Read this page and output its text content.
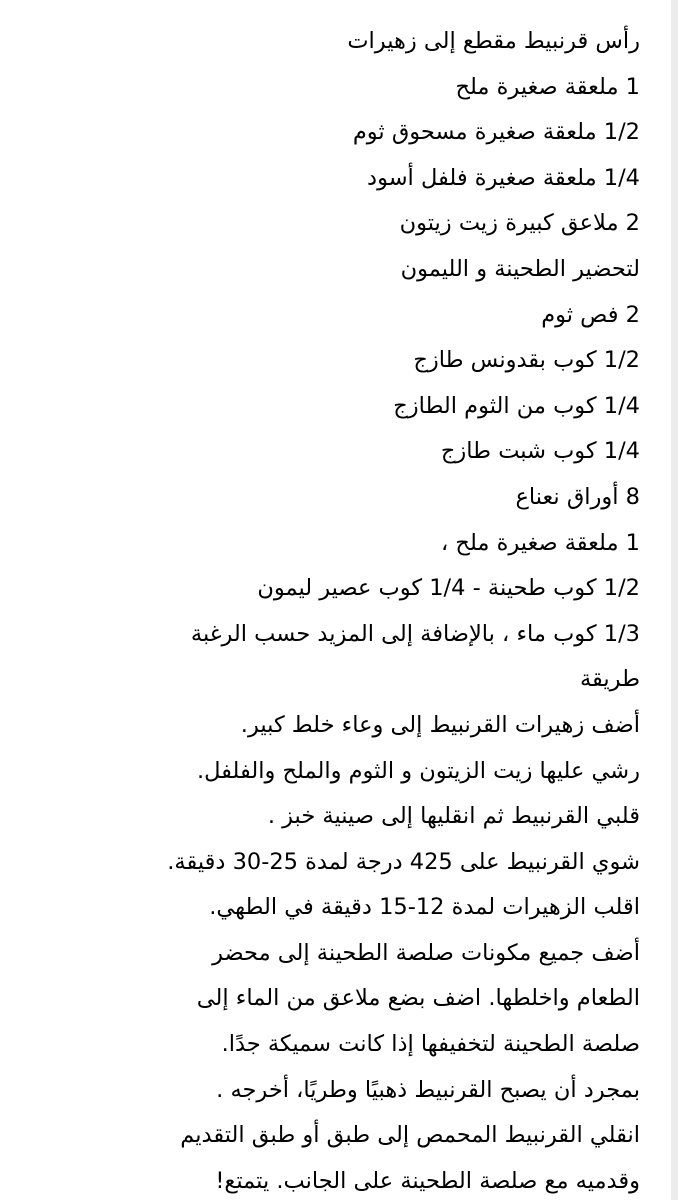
رأس قرنبيط مقطع إلى زهيرات
1 ملعقة صغيرة ملح
1/2 ملعقة صغيرة مسحوق ثوم
1/4 ملعقة صغيرة فلفل أسود
2 ملاعق كبيرة زيت زيتون
لتحضير الطحينة و الليمون
2 فص ثوم
1/2 كوب بقدونس طازج
1/4 كوب من الثوم الطازج
1/4 كوب شبت طازج
8 أوراق نعناع
1 ملعقة صغيرة ملح ،
1/2 كوب طحينة - 1/4 كوب عصير ليمون
1/3 كوب ماء ، بالإضافة إلى المزيد حسب الرغبة
طريقة
أضف زهيرات القرنبيط إلى وعاء خلط كبير.
رشي عليها زيت الزيتون و الثوم والملح والفلفل.
قلبي القرنبيط ثم انقليها إلى صينية خبز .
شوي القرنبيط على 425 درجة لمدة 25-30 دقيقة.
اقلب الزهيرات لمدة 12-15 دقيقة في الطهي.
أضف جميع مكونات صلصة الطحينة إلى محضر
الطعام واخلطها. اضف بضع ملاعق من الماء إلى
صلصة الطحينة لتخفيفها إذا كانت سميكة جدًا.
بمجرد أن يصبح القرنبيط ذهبيًا وطريًا، أخرجه .
انقلي القرنبيط المحمص إلى طبق أو طبق التقديم
وقدميه مع صلصة الطحينة على الجانب. يتمتع!
